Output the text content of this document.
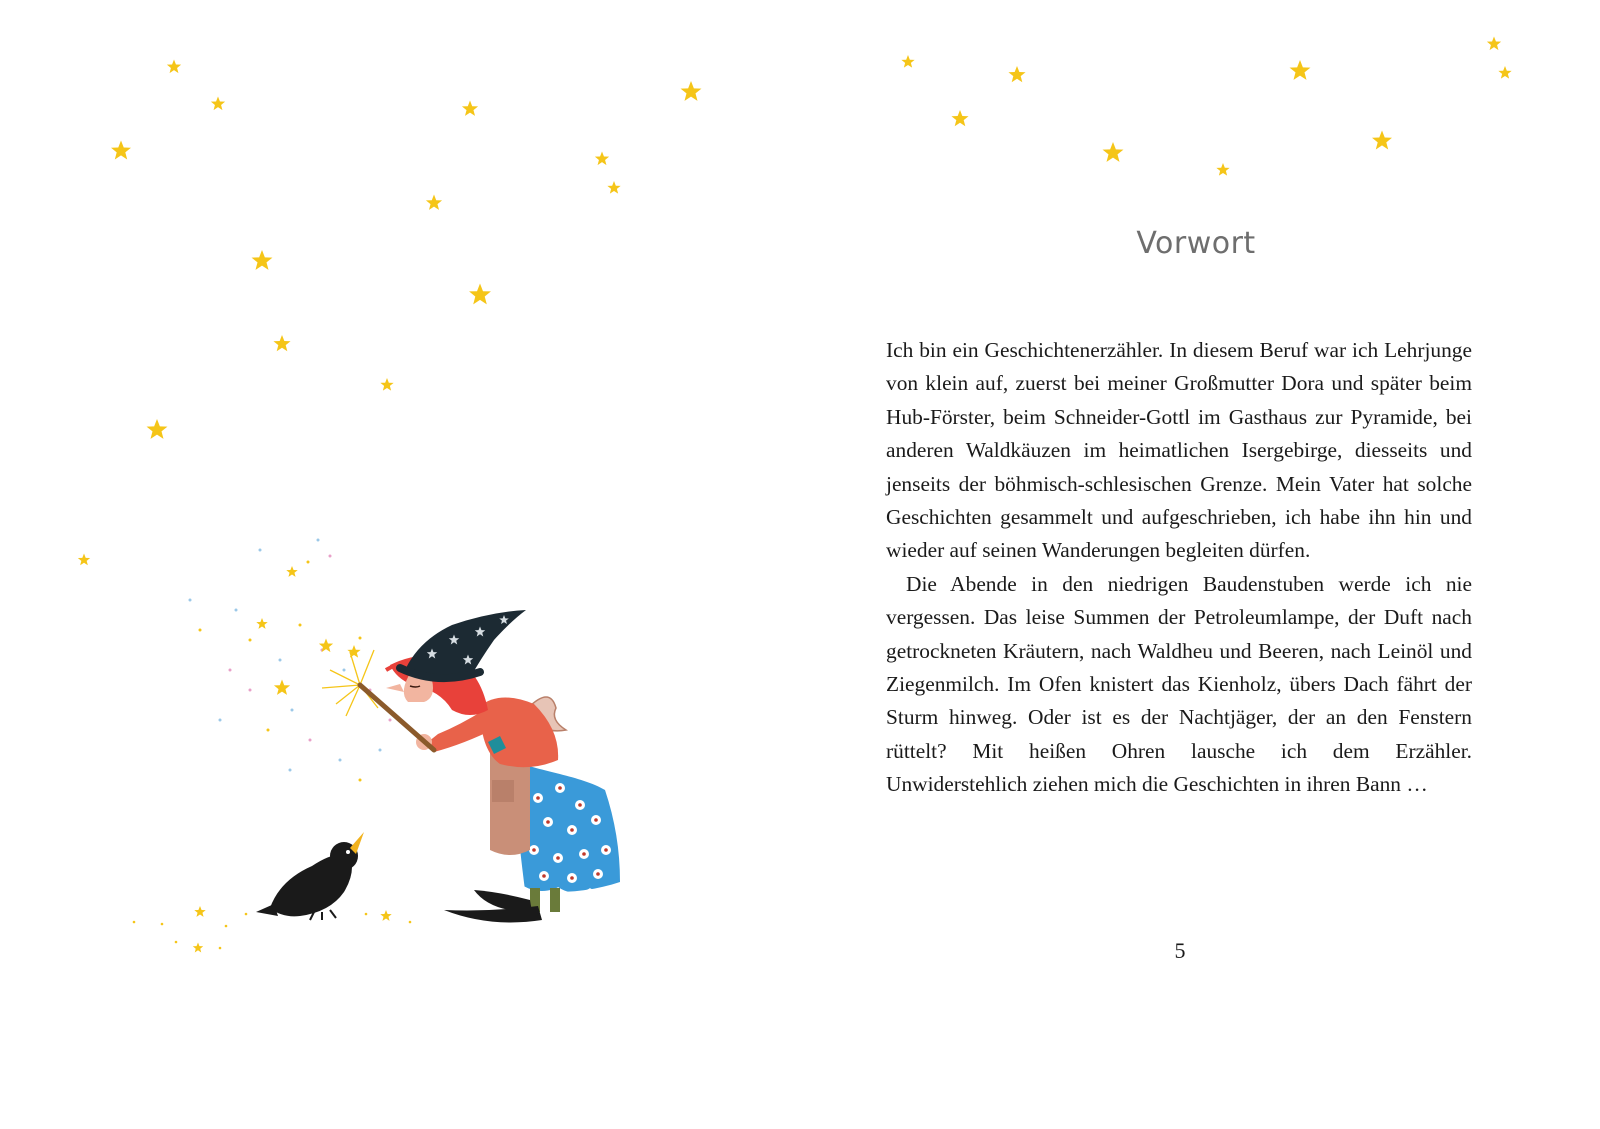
Vorwort

Ich bin ein Geschichtenerzähler. In diesem Beruf war ich Lehrjunge von klein auf, zuerst bei meiner Großmutter Dora und später beim Hub-Förster, beim Schneider-Gottl im Gasthaus zur Pyramide, bei anderen Waldkäuzen im heimatlichen Isergebirge, diesseits und jenseits der böhmisch-schlesischen Grenze. Mein Vater hat solche Geschichten gesammelt und aufgeschrieben, ich habe ihn hin und wieder auf seinen Wanderungen begleiten dürfen.

Die Abende in den niedrigen Baudenstuben werde ich nie vergessen. Das leise Summen der Petroleumlampe, der Duft nach getrockneten Kräutern, nach Waldheu und Beeren, nach Leinöl und Ziegenmilch. Im Ofen knistert das Kienholz, übers Dach fährt der Sturm hinweg. Oder ist es der Nachtjäger, der an den Fenstern rüttelt? Mit heißen Ohren lausche ich dem Erzähler. Unwiderstehlich ziehen mich die Geschichten in ihren Bann …

5
